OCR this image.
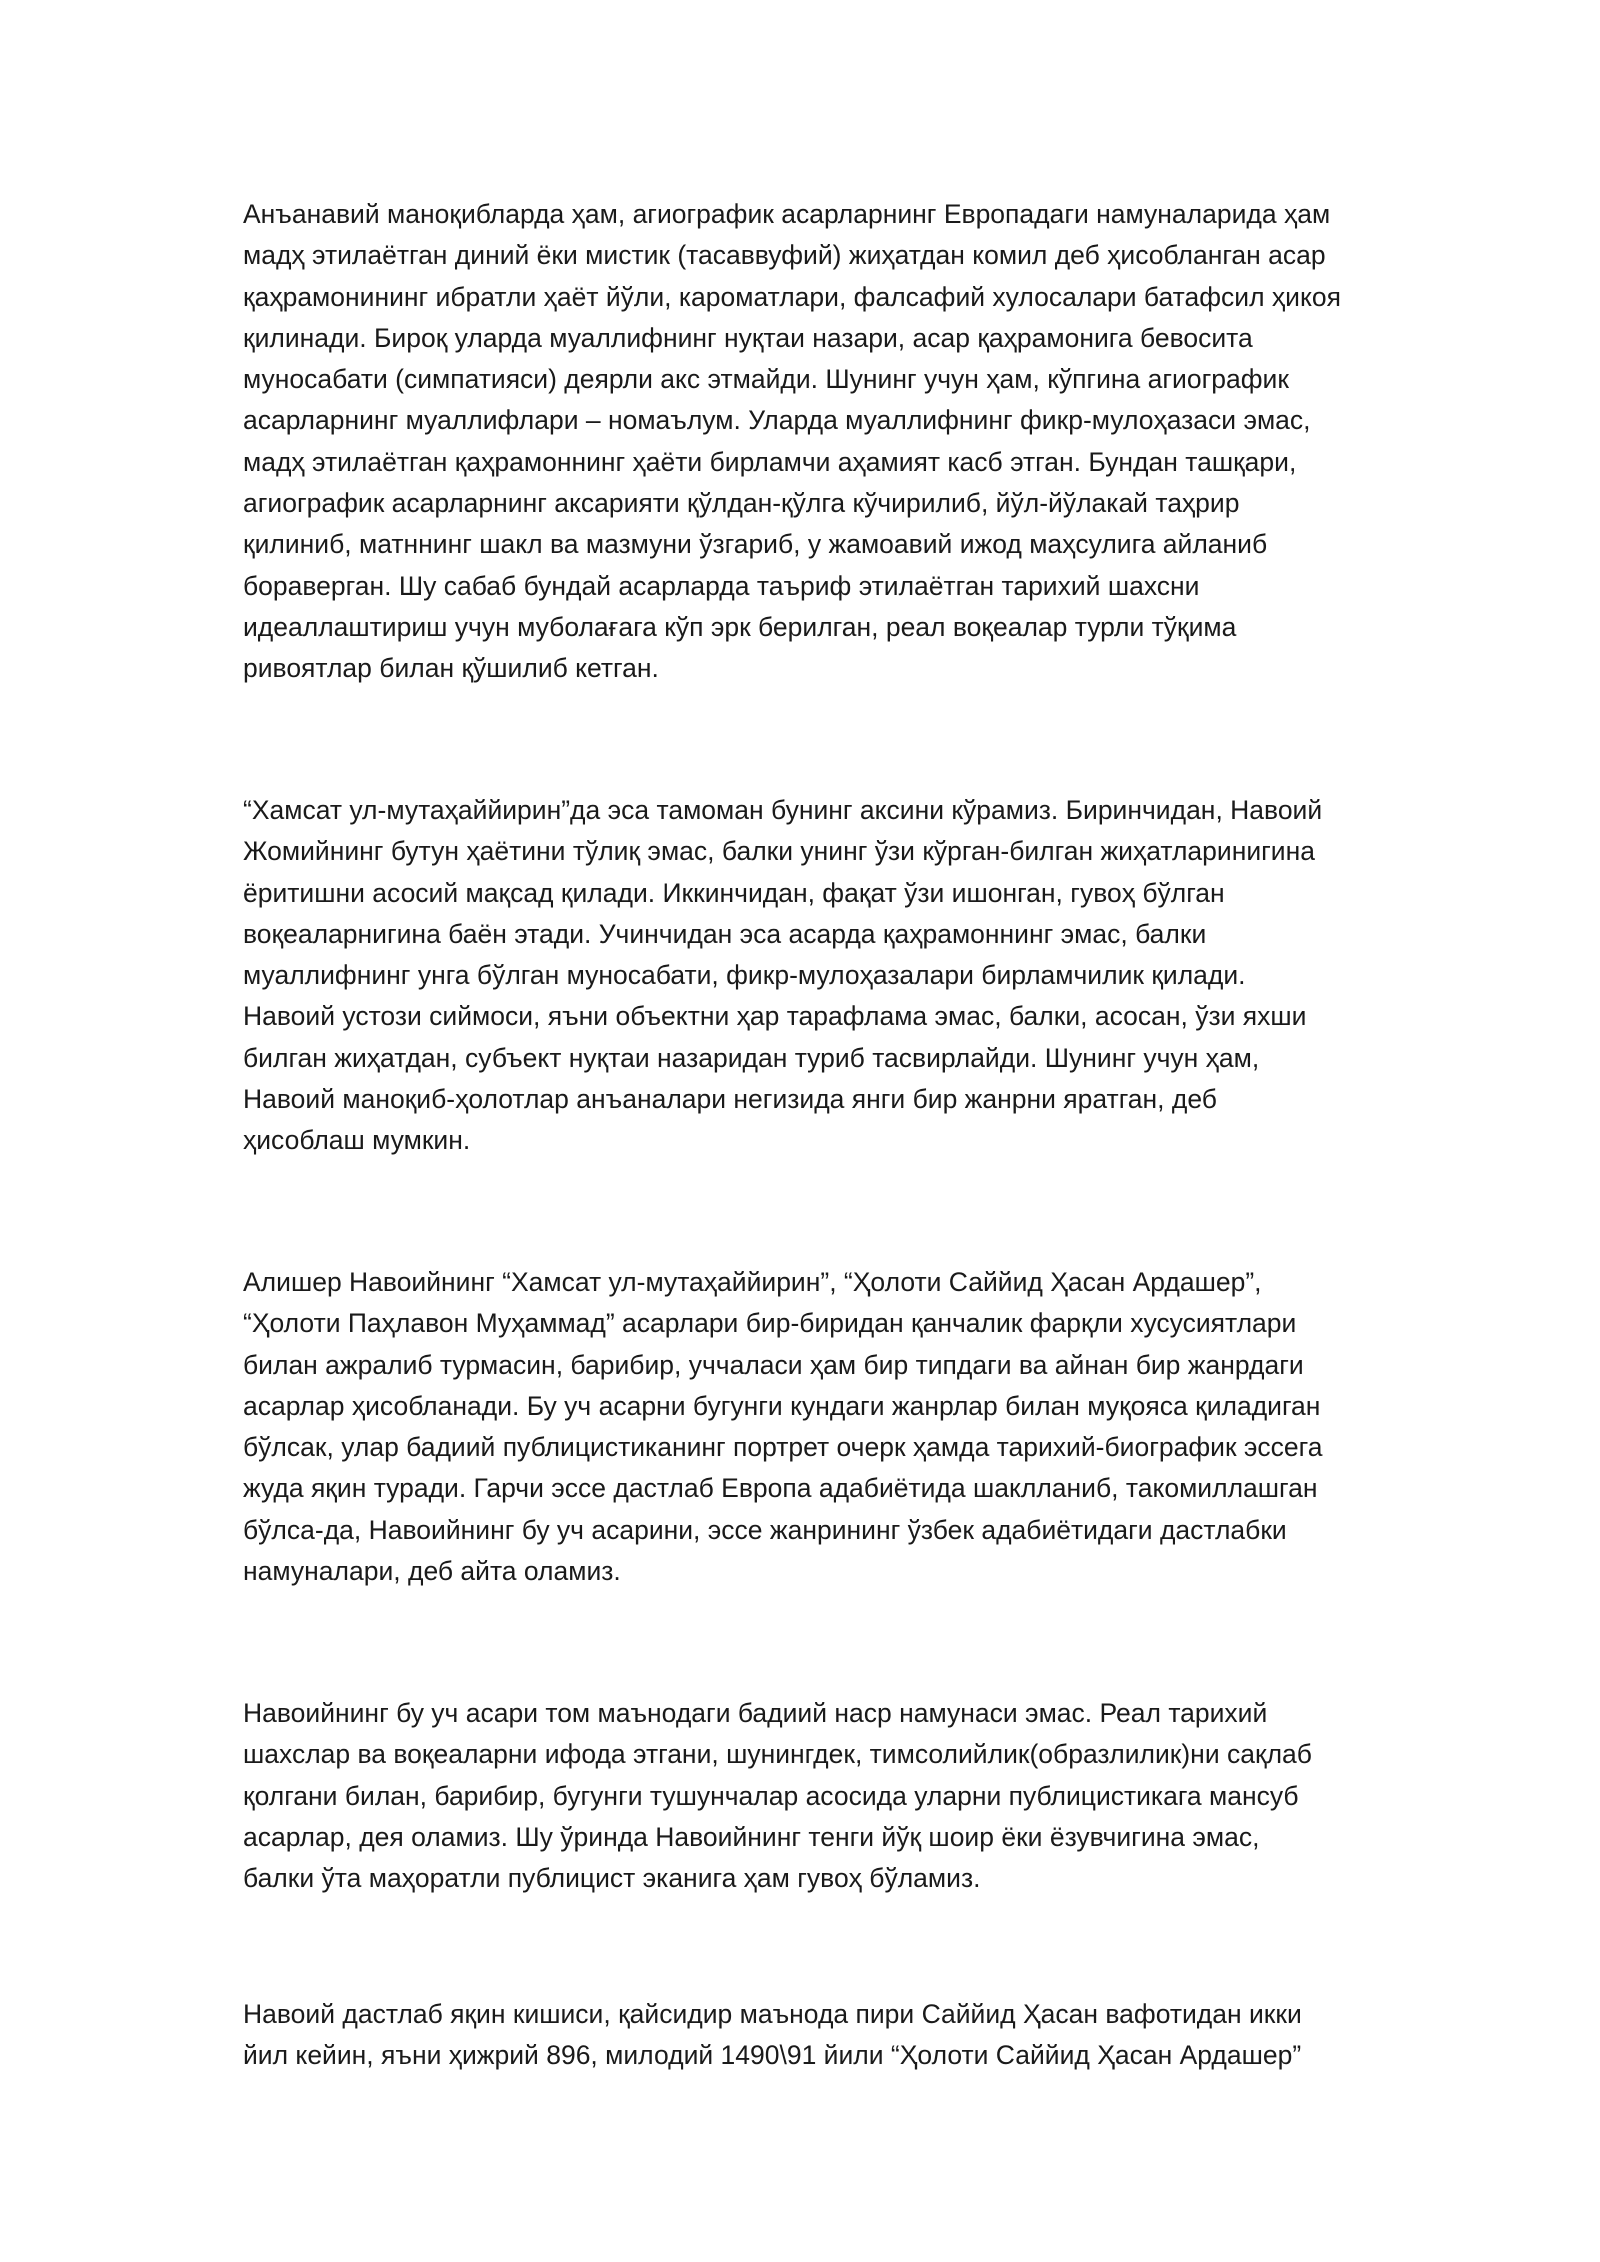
Анъанавий маноқибларда ҳам, агиографик асарларнинг Европадаги намуналарида ҳам
мадҳ этилаётган диний ёки мистик (тасаввуфий) жиҳатдан комил деб ҳисобланган асар
қаҳрамонининг ибратли ҳаёт йўли, кароматлари, фалсафий хулосалари батафсил ҳикоя
қилинади. Бироқ уларда муаллифнинг нуқтаи назари, асар қаҳрамонига бевосита
муносабати (симпатияси) деярли акс этмайди. Шунинг учун ҳам, кўпгина агиографик
асарларнинг муаллифлари – номаълум. Уларда муаллифнинг фикр-мулоҳазаси эмас,
мадҳ этилаётган қаҳрамоннинг ҳаёти бирламчи аҳамият касб этган. Бундан ташқари,
агиографик асарларнинг аксарияти қўлдан-қўлга кўчирилиб, йўл-йўлакай таҳрир
қилиниб, матннинг шакл ва мазмуни ўзгариб, у жамоавий ижод маҳсулига айланиб
бораверган. Шу сабаб бундай асарларда таъриф этилаётган тарихий шахсни
идеаллаштириш учун муболағага кўп эрк берилган, реал воқеалар турли тўқима
ривоятлар билан қўшилиб кетган.

“Хамсат ул-мутаҳаййирин”да эса тамоман бунинг аксини кўрамиз. Биринчидан, Навоий
Жомийнинг бутун ҳаётини тўлиқ эмас, балки унинг ўзи кўрган-билган жиҳатларинигина
ёритишни асосий мақсад қилади. Иккинчидан, фақат ўзи ишонган, гувоҳ бўлган
воқеаларнигина баён этади. Учинчидан эса асарда қаҳрамоннинг эмас, балки
муаллифнинг унга бўлган муносабати, фикр-мулоҳазалари бирламчилик қилади.
Навоий устози сиймоси, яъни объектни ҳар тарафлама эмас, балки, асосан, ўзи яхши
билган жиҳатдан, субъект нуқтаи назаридан туриб тасвирлайди. Шунинг учун ҳам,
Навоий маноқиб-ҳолотлар анъаналари негизида янги бир жанрни яратган, деб
ҳисоблаш мумкин.

Алишер Навоийнинг “Хамсат ул-мутаҳаййирин”, “Ҳолоти Саййид Ҳасан Ардашер”,
“Ҳолоти Паҳлавон Муҳаммад” асарлари бир-биридан қанчалик фарқли хусусиятлари
билан ажралиб турмасин, барибир, уччаласи ҳам бир типдаги ва айнан бир жанрдаги
асарлар ҳисобланади. Бу уч асарни бугунги кундаги жанрлар билан муқояса қиладиган
бўлсак, улар бадиий публицистиканинг портрет очерк ҳамда тарихий-биографик эссега
жуда яқин туради. Гарчи эссе дастлаб Европа адабиётида шаклланиб, такомиллашган
бўлса-да, Навоийнинг бу уч асарини, эссе жанрининг ўзбек адабиётидаги дастлабки
намуналари, деб айта оламиз.

Навоийнинг бу уч асари том маънодаги бадиий наср намунаси эмас. Реал тарихий
шахслар ва воқеаларни ифода этгани, шунингдек, тимсолийлик(образлилик)ни сақлаб
қолгани билан, барибир, бугунги тушунчалар асосида уларни публицистикага мансуб
асарлар, дея оламиз. Шу ўринда Навоийнинг тенги йўқ шоир ёки ёзувчигина эмас,
балки ўта маҳоратли публицист эканига ҳам гувоҳ бўламиз.

Навоий дастлаб яқин кишиси, қайсидир маънода пири Саййид Ҳасан вафотидан икки
йил кейин, яъни ҳижрий 896, милодий 1490\91 йили “Ҳолоти Саййид Ҳасан Ардашер”
